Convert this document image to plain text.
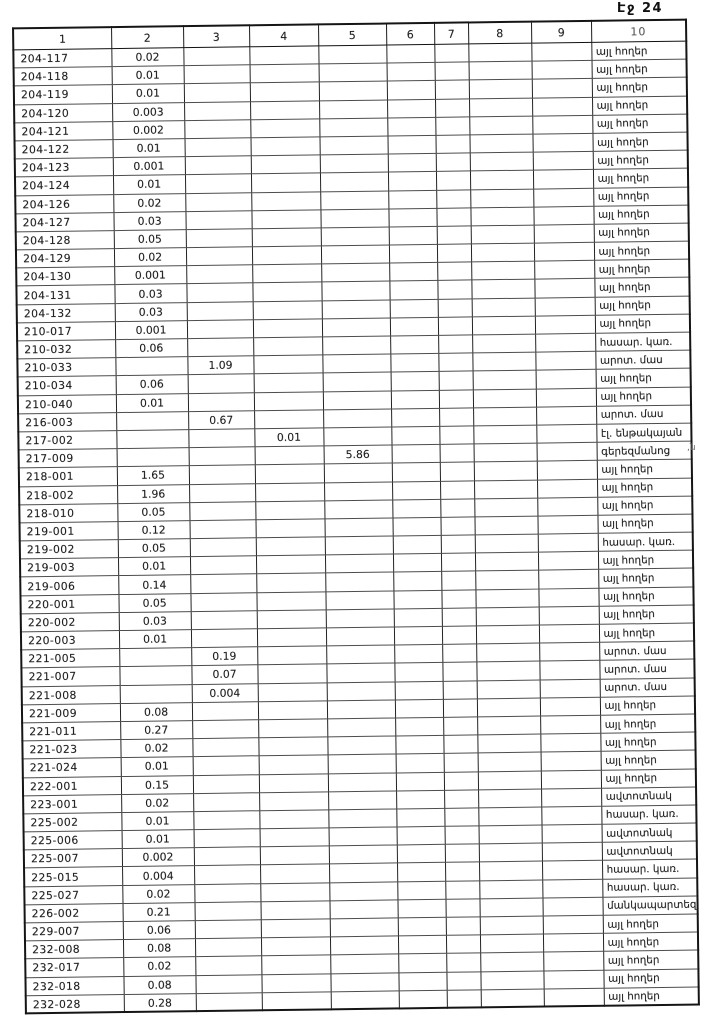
Էջ 24
1	2	3	4	5	6	7	8	9	10
204-117	0.02								այլ հողեր
204-118	0.01								այլ հողեր
204-119	0.01								այլ հողեր
204-120	0.003								այլ հողեր
204-121	0.002								այլ հողեր
204-122	0.01								այլ հողեր
204-123	0.001								այլ հողեր
204-124	0.01								այլ հողեր
204-126	0.02								այլ հողեր
204-127	0.03								այլ հողեր
204-128	0.05								այլ հողեր
204-129	0.02								այլ հողեր
204-130	0.001								այլ հողեր
204-131	0.03								այլ հողեր
204-132	0.03								այլ հողեր
210-017	0.001								այլ հողեր
210-032	0.06								հասար. կառ.
210-033		1.09							արոտ. մաս
210-034	0.06								այլ հողեր
210-040	0.01								այլ հողեր
216-003		0.67							արոտ. մաս
217-002			0.01						էլ. ենթակայան
217-009				5.86					գերեզմանոց
218-001	1.65								այլ հողեր
218-002	1.96								այլ հողեր
218-010	0.05								այլ հողեր
219-001	0.12								այլ հողեր
219-002	0.05								հասար. կառ.
219-003	0.01								այլ հողեր
219-006	0.14								այլ հողեր
220-001	0.05								այլ հողեր
220-002	0.03								այլ հողեր
220-003	0.01								այլ հողեր
221-005		0.19							արոտ. մաս
221-007		0.07							արոտ. մաս
221-008		0.004							արոտ. մաս
221-009	0.08								այլ հողեր
221-011	0.27								այլ հողեր
221-023	0.02								այլ հողեր
221-024	0.01								այլ հողեր
222-001	0.15								այլ հողեր
223-001	0.02								ավտոտնակ
225-002	0.01								հասար. կառ.
225-006	0.01								ավտոտնակ
225-007	0.002								ավտոտնակ
225-015	0.004								հասար. կառ.
225-027	0.02								հասար. կառ.
226-002	0.21								մանկապարտեզ
229-007	0.06								այլ հողեր
232-008	0.08								այլ հողեր
232-017	0.02								այլ հողեր
232-018	0.08								այլ հողեր
232-028	0.28								այլ հողեր
,ն
